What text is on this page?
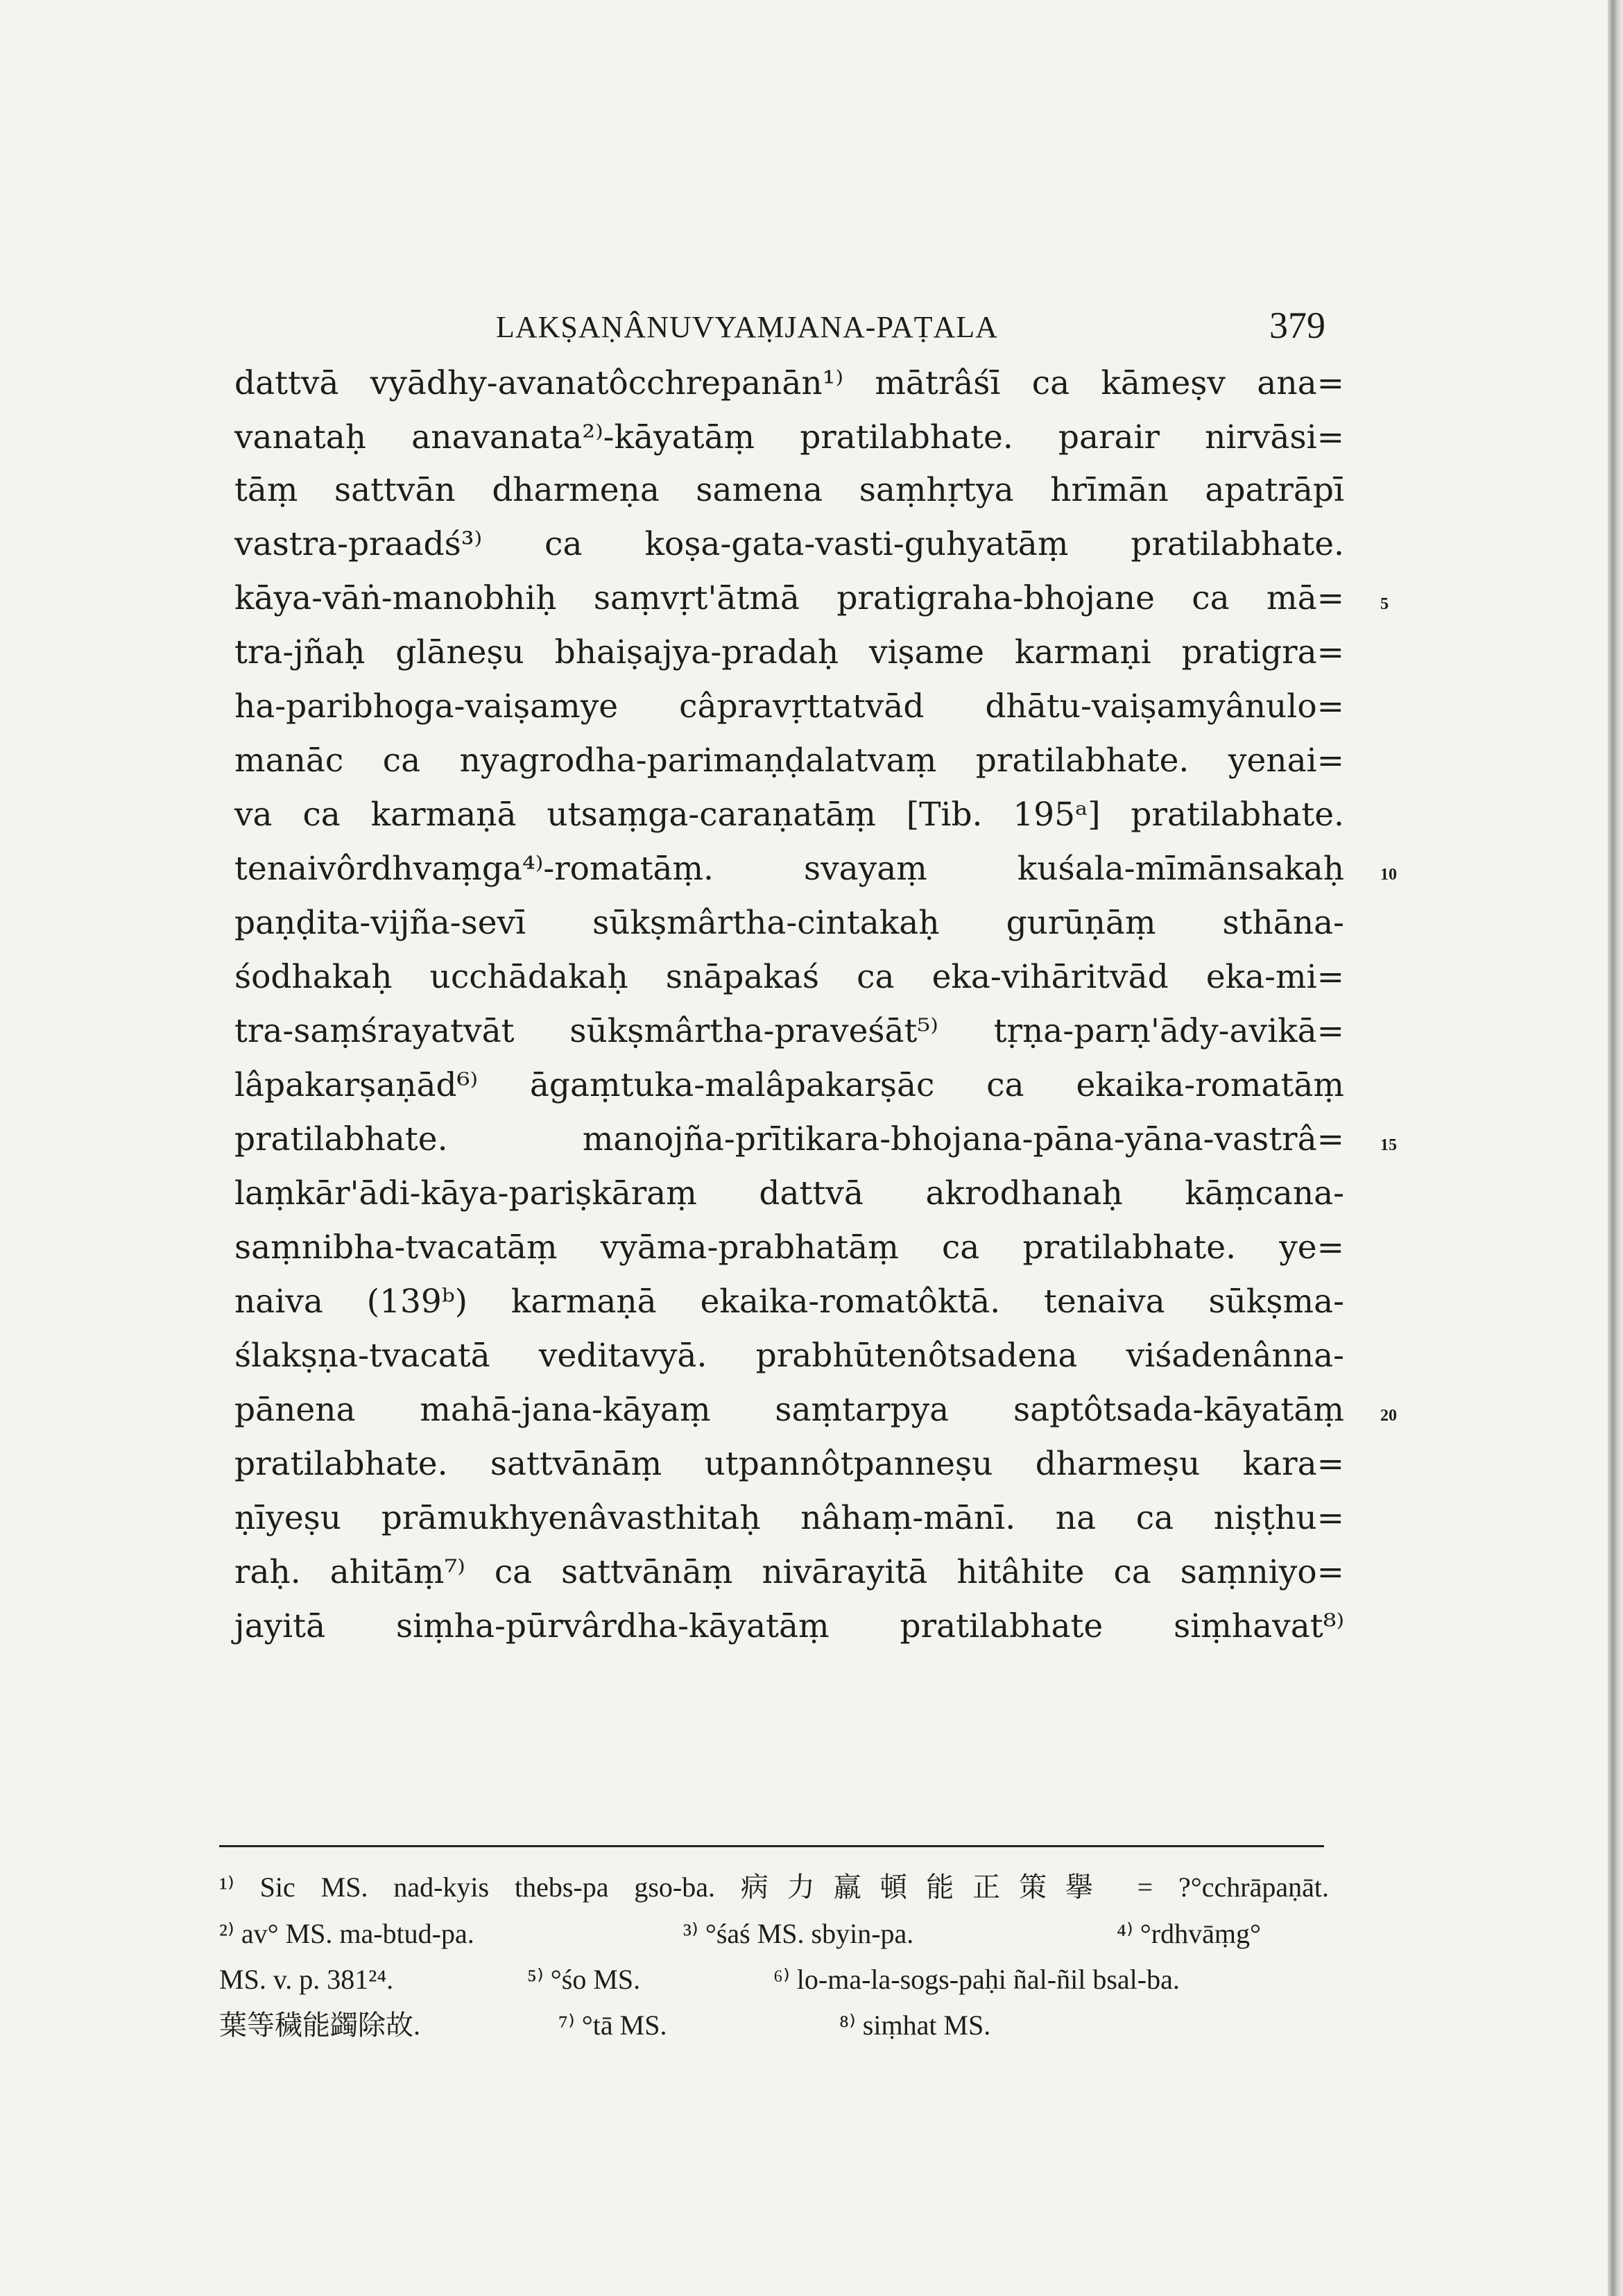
LAKṢAṆÂNUVYAṂJANA-PAṬALA	379
dattvā vyādhy-avanatôcchrepanān¹⁾ mātrâśī ca kāmeṣv ana=
vanataḥ anavanata²⁾-kāyatāṃ pratilabhate. parair nirvāsi=
tāṃ sattvān dharmeṇa samena saṃhṛtya hrīmān apatrāpī
vastra-praadś³⁾ ca koṣa-gata-vasti-guhyatāṃ pratilabhate.
kāya-vāṅ-manobhiḥ saṃvṛt'ātmā pratigraha-bhojane ca mā=
tra-jñaḥ glāneṣu bhaiṣajya-pradaḥ viṣame karmaṇi pratigra=
ha-paribhoga-vaiṣamye câpravṛttatvād dhātu-vaiṣamyânulo=
manāc ca nyagrodha-parimaṇḍalatvaṃ pratilabhate. yenai=
va ca karmaṇā utsaṃga-caraṇatāṃ [Tib. 195ᵃ] pratilabhate.
tenaivôrdhvaṃga⁴⁾-romatāṃ. svayaṃ kuśala-mīmānsakaḥ
paṇḍita-vijña-sevī sūkṣmârtha-cintakaḥ gurūṇāṃ sthāna-
śodhakaḥ ucchādakaḥ snāpakaś ca eka-vihāritvād eka-mi=
tra-saṃśrayatvāt sūkṣmârtha-praveśāt⁵⁾ tṛṇa-parṇ'ādy-avikā=
lâpakarṣaṇād⁶⁾ āgaṃtuka-malâpakarṣāc ca ekaika-romatāṃ
pratilabhate. manojña-prītikara-bhojana-pāna-yāna-vastrâ=
laṃkār'ādi-kāya-pariṣkāraṃ dattvā akrodhanaḥ kāṃcana-
saṃnibha-tvacatāṃ vyāma-prabhatāṃ ca pratilabhate. ye=
naiva (139ᵇ) karmaṇā ekaika-romatôktā. tenaiva sūkṣma-
ślakṣṇa-tvacatā veditavyā. prabhūtenôtsadena viśadenânna-
pānena mahā-jana-kāyaṃ saṃtarpya saptôtsada-kāyatāṃ
pratilabhate. sattvānāṃ utpannôtpanneṣu dharmeṣu kara=
ṇīyeṣu prāmukhyenâvasthitaḥ nâhaṃ-mānī. na ca niṣṭhu=
raḥ. ahitāṃ⁷⁾ ca sattvānāṃ nivārayitā hitâhite ca saṃniyo=
jayitā siṃha-pūrvârdha-kāyatāṃ pratilabhate siṃhavat⁸⁾
5
10
15
20
¹⁾ Sic MS. nad-kyis thebs-pa gso-ba. 病力羸頓能正策擧 = ?°cchrāpaṇāt.
²⁾ av° MS. ma-btud-pa.	³⁾ °śaś MS. sbyin-pa.	⁴⁾ °rdhvāṃg°
MS. v. p. 381²⁴.	⁵⁾ °śo MS.	⁶⁾ lo-ma-la-sogs-paḥi ñal-ñil bsal-ba.
葉等穢能蠲除故.	⁷⁾ °tā MS.	⁸⁾ siṃhat MS.
